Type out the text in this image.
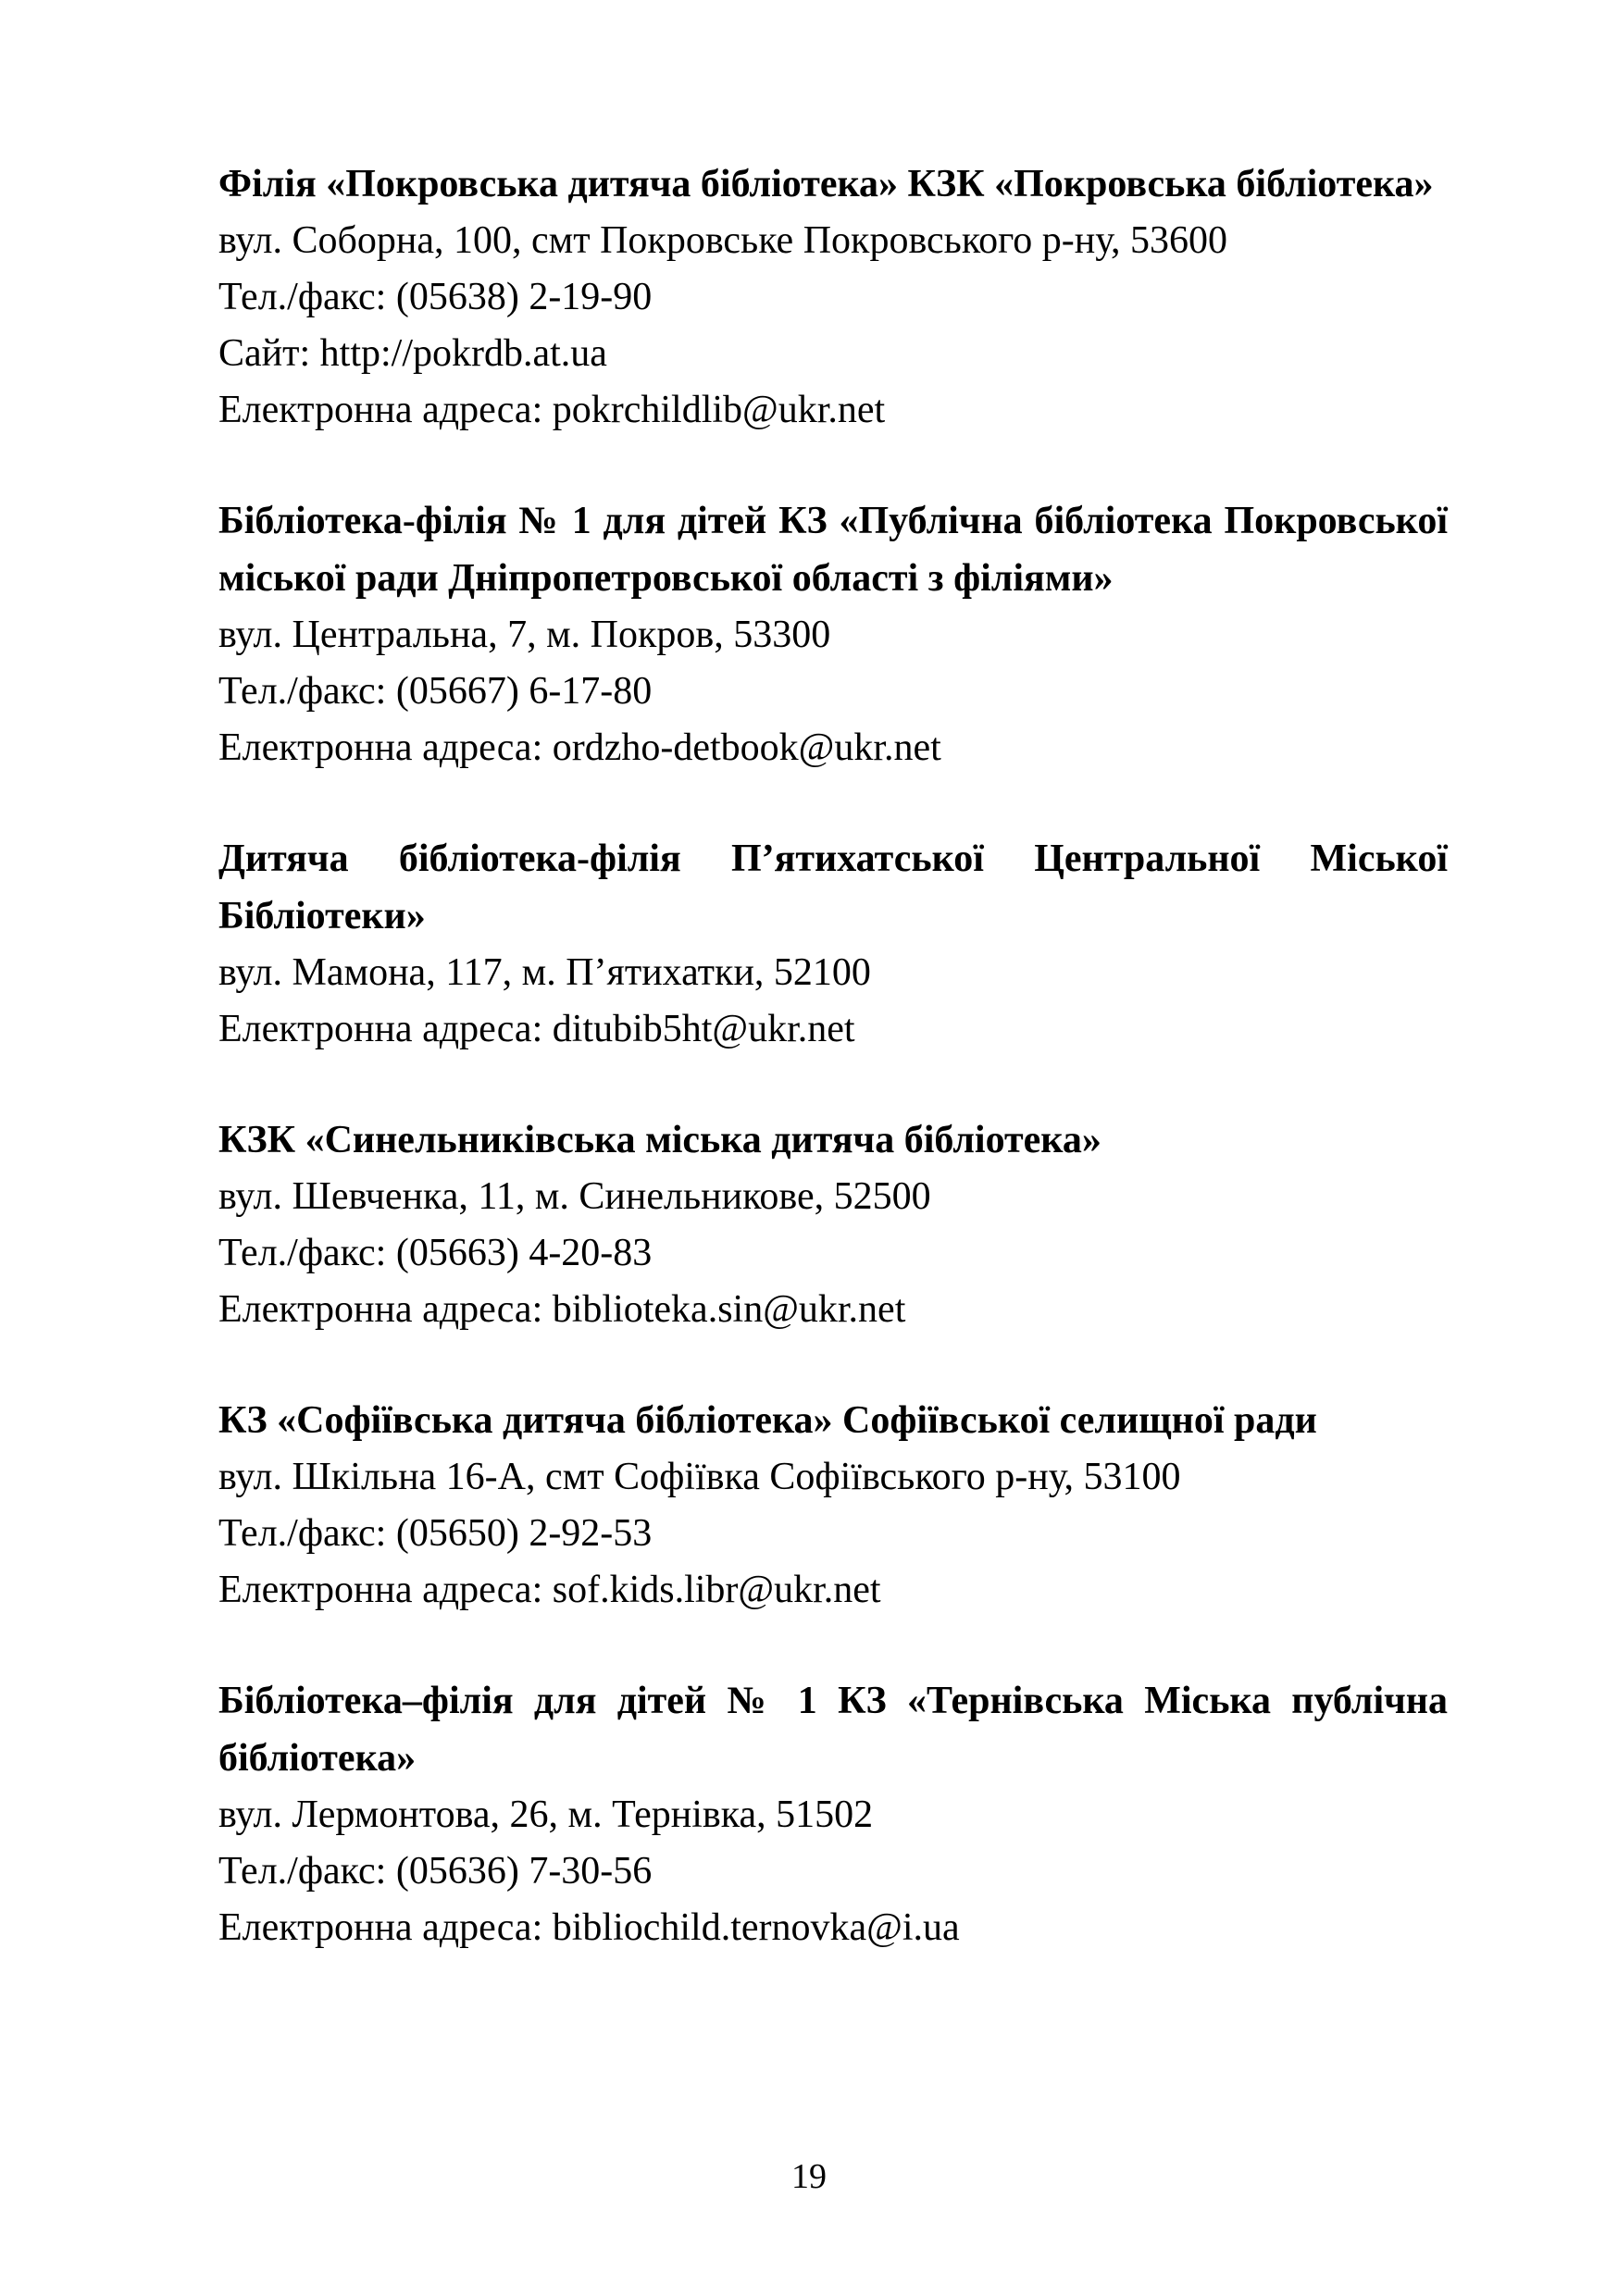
Філія «Покровська дитяча бібліотека» КЗК «Покровська бібліотека»

вул. Соборна, 100, смт Покровське Покровського р-ну, 53600

Тел./факс: (05638) 2-19-90

Сайт: http://pokrdb.at.ua

Електронна адреса: pokrchildlib@ukr.net

Бібліотека-філія № 1 для дітей КЗ «Публічна бібліотека Покровської міської ради Дніпропетровської області з філіями»

вул. Центральна, 7, м. Покров, 53300

Тел./факс: (05667) 6-17-80

Електронна адреса: ordzho-detbook@ukr.net

Дитяча бібліотека-філія П’ятихатської Центральної Міської Бібліотеки»

вул. Мамона, 117, м. П’ятихатки, 52100

Електронна адреса: ditubib5ht@ukr.net

КЗК «Синельниківська міська дитяча бібліотека»

вул. Шевченка, 11, м. Синельникове, 52500

Тел./факс: (05663) 4-20-83

Електронна адреса: biblioteka.sin@ukr.net

КЗ «Софіївська дитяча бібліотека» Софіївської селищної ради

вул. Шкільна 16-А, смт Софіївка Софіївського р-ну, 53100

Тел./факс: (05650) 2-92-53

Електронна адреса: sof.kids.libr@ukr.net

Бібліотека–філія для дітей № 1 КЗ «Тернівська Міська публічна бібліотека»

вул. Лермонтова, 26, м. Тернівка, 51502

Тел./факс: (05636) 7-30-56

Електронна адреса: bibliochild.ternovka@i.ua

19
